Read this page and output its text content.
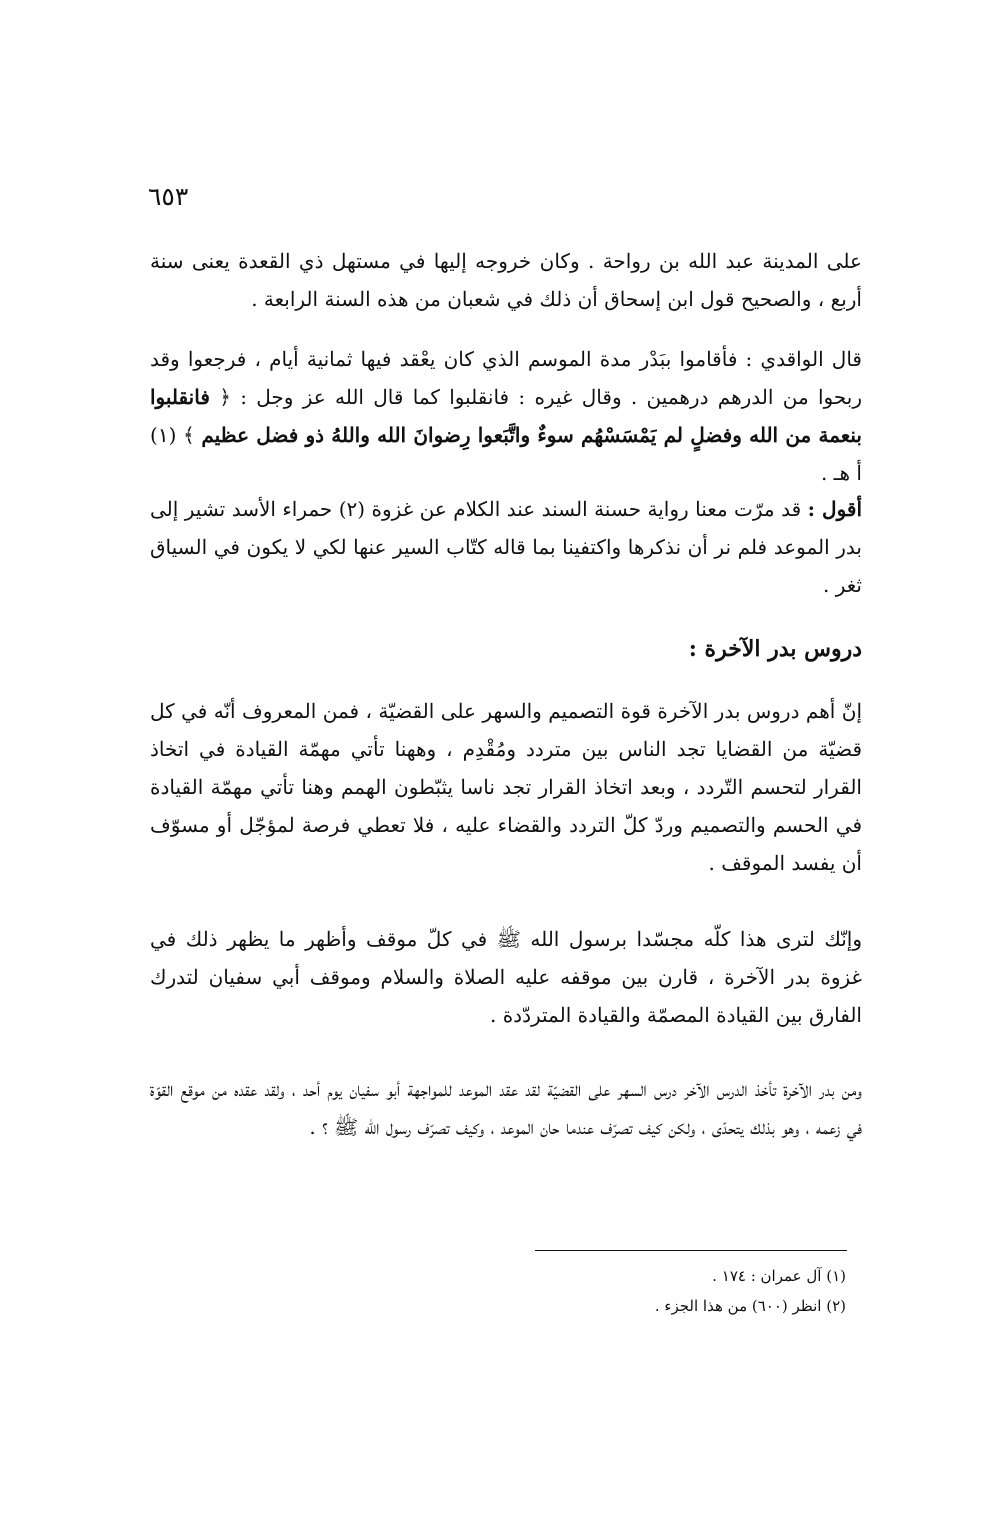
٦٥٣

على المدينة عبد الله بن رواحة . وكان خروجه إليها في مستهل ذي القعدة يعنى سنة أربع ، والصحيح قول ابن إسحاق أن ذلك في شعبان من هذه السنة الرابعة .

قال الواقدي : فأقاموا ببَدْر مدة الموسم الذي كان يعْقد فيها ثمانية أيام ، فرجعوا وقد ربحوا من الدرهم درهمين . وقال غيره : فانقلبوا كما قال الله عز وجل : ﴿ فانقلبوا بنعمة من الله وفضلٍ لم يَمْسَسْهُم سوءٌ واتَّبَعوا رِضوانَ الله واللهُ ذو فضل عظيم ﴾ (١) أ هـ .

أقول : قد مرّت معنا رواية حسنة السند عند الكلام عن غزوة (٢) حمراء الأسد تشير إلى بدر الموعد فلم نر أن نذكرها واكتفينا بما قاله كتّاب السير عنها لكي لا يكون في السياق ثغر .

دروس بدر الآخرة :

إنّ أهم دروس بدر الآخرة قوة التصميم والسهر على القضيّة ، فمن المعروف أنّه في كل قضيّة من القضايا تجد الناس بين متردد ومُقْدِم ، وههنا تأتي مهمّة القيادة في اتخاذ القرار لتحسم التّردد ، وبعد اتخاذ القرار تجد ناسا يثبّطون الهمم وهنا تأتي مهمّة القيادة في الحسم والتصميم وردّ كلّ التردد والقضاء عليه ، فلا تعطي فرصة لمؤجّل أو مسوّف أن يفسد الموقف .

وإنّك لترى هذا كلّه مجسّدا برسول الله ﷺ في كلّ موقف وأظهر ما يظهر ذلك في غزوة بدر الآخرة ، قارن بين موقفه عليه الصلاة والسلام وموقف أبي سفيان لتدرك الفارق بين القيادة المصمّة والقيادة المتردّدة .

ومن بدر الآخرة تأخذ الدرس الآخر درس السهر على القضيّة لقد عقد الموعد للمواجهة أبو سفيان يوم أحد ، ولقد عقده من موقع القوّة في زعمه ، وهو بذلك يتحدّى ، ولكن كيف تصرّف عندما حان الموعد ، وكيف تصرّف رسول الله ﷺ ؟ .

(١) آل عمران : ١٧٤ .

(٢) انظر (٦٠٠) من هذا الجزء .
